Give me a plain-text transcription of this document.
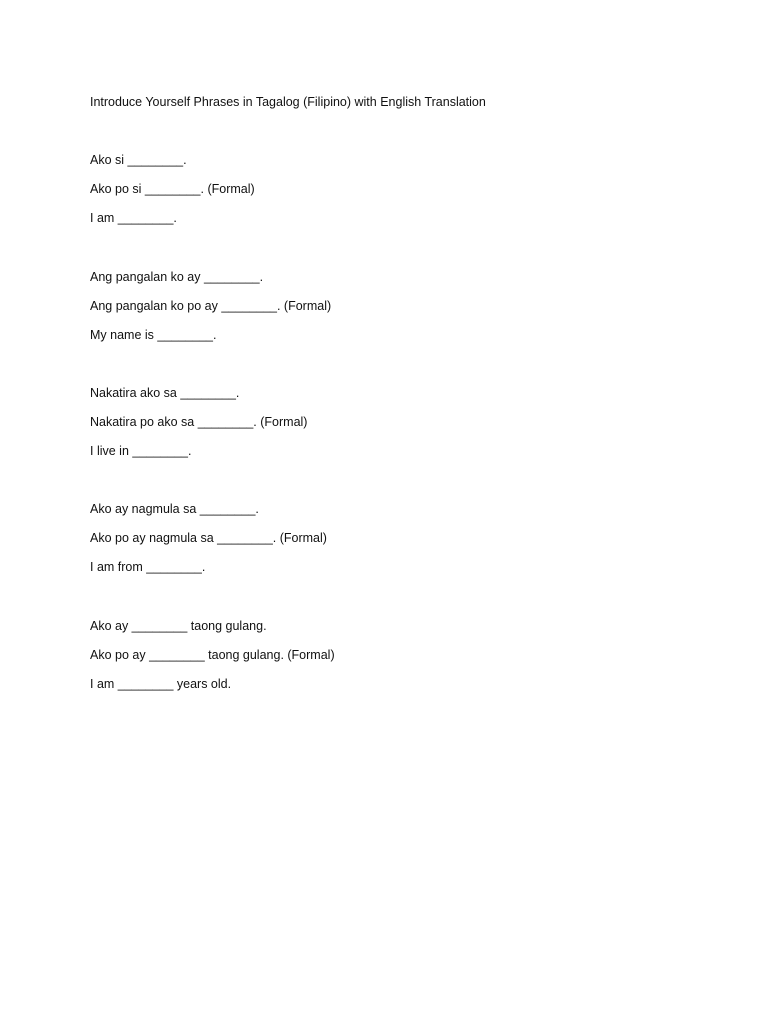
Introduce Yourself Phrases in Tagalog (Filipino) with English Translation
Ako si ________.
Ako po si ________. (Formal)
I am ________.
Ang pangalan ko ay ________.
Ang pangalan ko po ay ________. (Formal)
My name is ________.
Nakatira ako sa ________.
Nakatira po ako sa ________. (Formal)
I live in ________.
Ako ay nagmula sa ________.
Ako po ay nagmula sa ________. (Formal)
I am from ________.
Ako ay ________ taong gulang.
Ako po ay ________ taong gulang. (Formal)
I am ________ years old.
